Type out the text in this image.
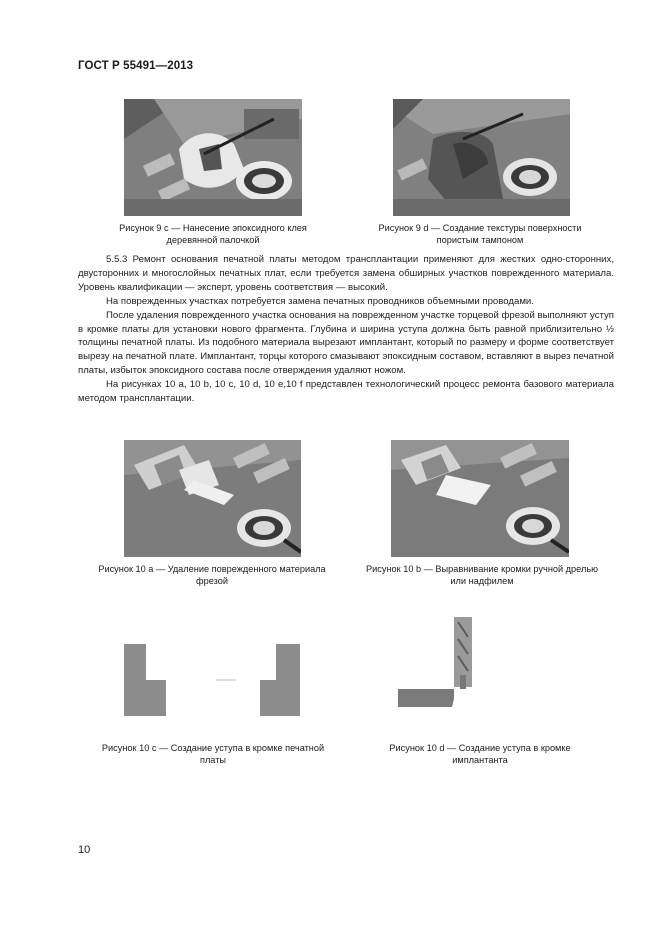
ГОСТ Р 55491—2013
Рисунок 9 с — Нанесение эпоксидного клея
деревянной палочкой
Рисунок 9 d — Создание текстуры поверхности
пористым тампоном

5.5.3 Ремонт основания печатной платы методом трансплантации применяют для жестких одно-сторонних, двусторонних и многослойных печатных плат, если требуется замена обширных участков поврежденного материала. Уровень квалификации — эксперт, уровень соответствия — высокий.

На поврежденных участках потребуется замена печатных проводников объемными проводами.

После удаления поврежденного участка основания на поврежденном участке торцевой фрезой выполняют уступ в кромке платы для установки нового фрагмента. Глубина и ширина уступа должна быть равной приблизительно ½ толщины печатной платы. Из подобного материала вырезают имплантант, который по размеру и форме соответствует вырезу на печатной плате. Имплантант, торцы которого смазывают эпоксидным составом, вставляют в вырез печатной платы, избыток эпоксидного состава после отверждения удаляют ножом.

На рисунках 10 a, 10 b, 10 с, 10 d, 10 e,10 f представлен технологический процесс ремонта базового материала методом трансплантации.

Рисунок 10 a — Удаление поврежденного материала
фрезой
Рисунок 10 b — Выравнивание кромки ручной дрелью
или надфилем
Рисунок 10 с — Создание уступа в кромке печатной
платы
Рисунок 10 d — Создание уступа в кромке
имплантанта
10
